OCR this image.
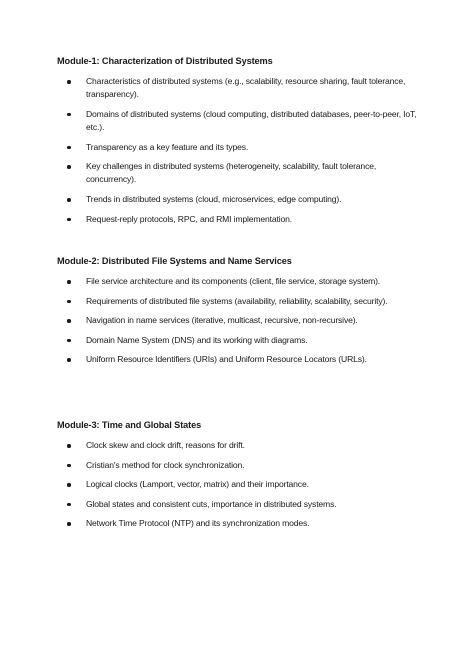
Module-1: Characterization of Distributed Systems
Characteristics of distributed systems (e.g., scalability, resource sharing, fault tolerance, transparency).
Domains of distributed systems (cloud computing, distributed databases, peer-to-peer, IoT, etc.).
Transparency as a key feature and its types.
Key challenges in distributed systems (heterogeneity, scalability, fault tolerance, concurrency).
Trends in distributed systems (cloud, microservices, edge computing).
Request-reply protocols, RPC, and RMI implementation.
Module-2: Distributed File Systems and Name Services
File service architecture and its components (client, file service, storage system).
Requirements of distributed file systems (availability, reliability, scalability, security).
Navigation in name services (iterative, multicast, recursive, non-recursive).
Domain Name System (DNS) and its working with diagrams.
Uniform Resource Identifiers (URIs) and Uniform Resource Locators (URLs).
Module-3: Time and Global States
Clock skew and clock drift, reasons for drift.
Cristian's method for clock synchronization.
Logical clocks (Lamport, vector, matrix) and their importance.
Global states and consistent cuts, importance in distributed systems.
Network Time Protocol (NTP) and its synchronization modes.
